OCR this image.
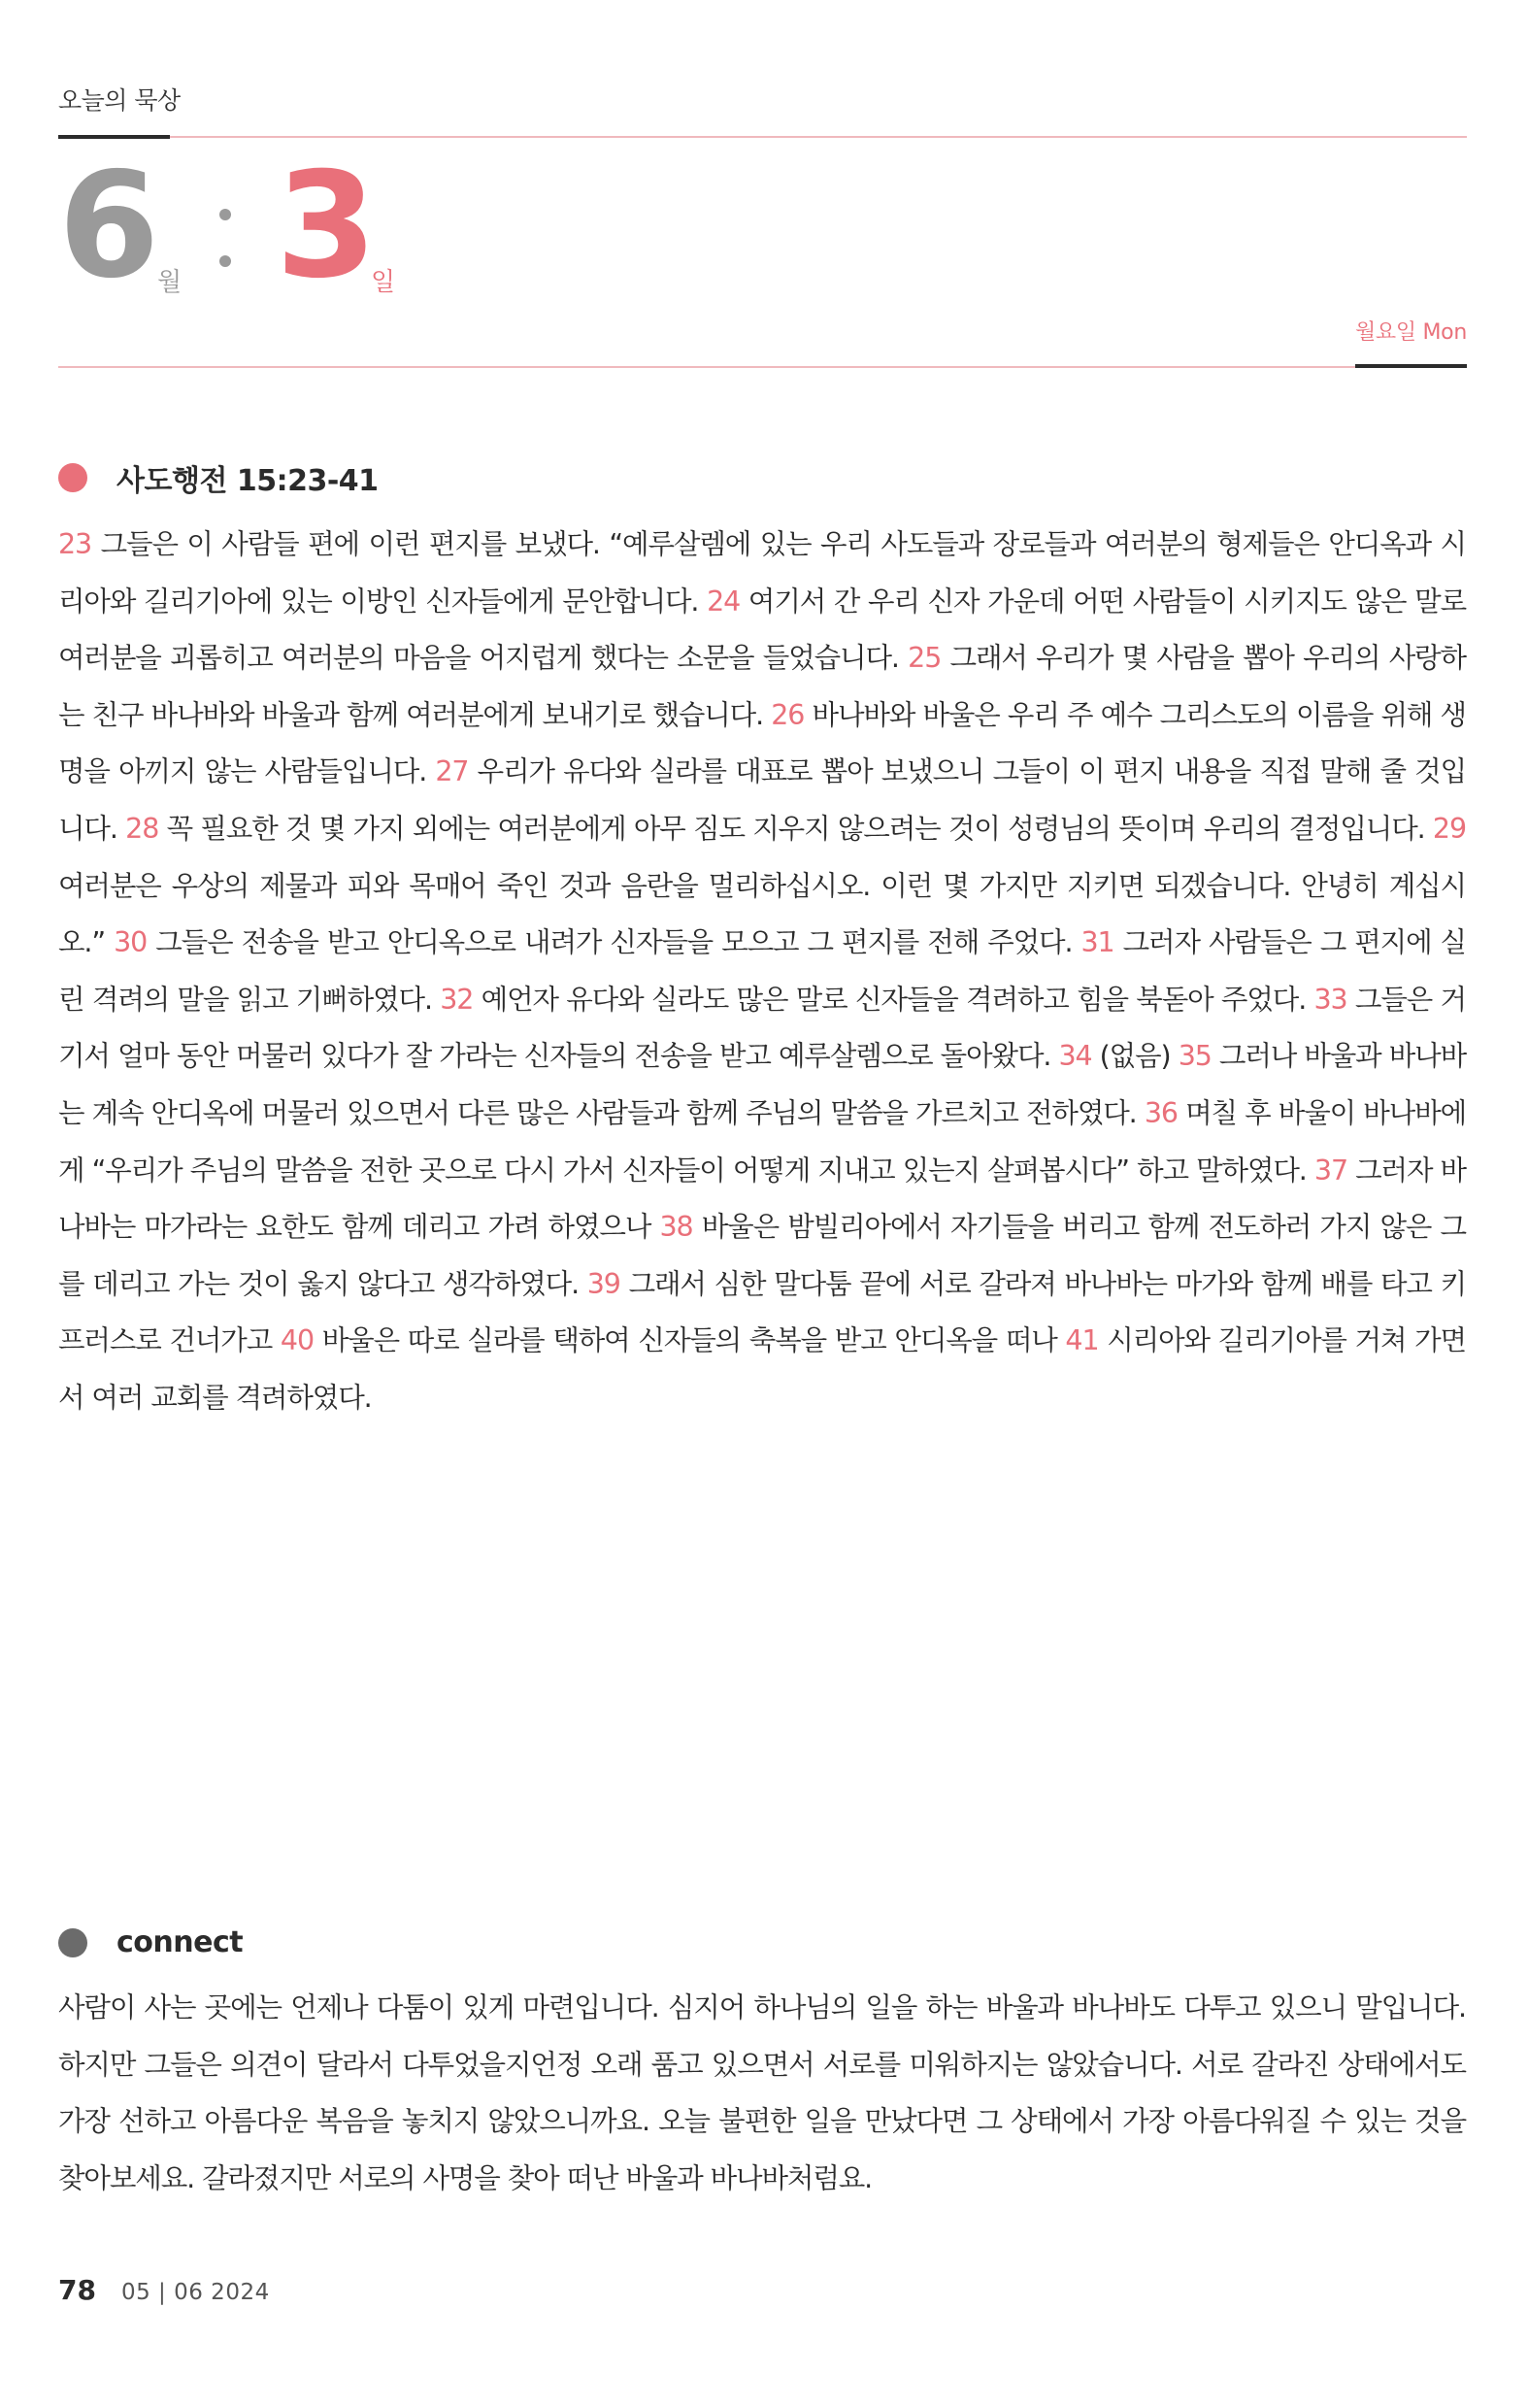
오늘의 묵상
6
월 3
일
월요일 Mon
사도행전 15:23-41
23 그들은 이 사람들 편에 이런 편지를 보냈다. “예루살렘에 있는 우리 사도들과 장로들과 여러분의 형제들은 안디옥과 시리아와 길리기아에 있는 이방인 신자들에게 문안합니다. 24 여기서 간 우리 신자 가운데 어떤 사람들이 시키지도 않은 말로 여러분을 괴롭히고 여러분의 마음을 어지럽게 했다는 소문을 들었습니다. 25 그래서 우리가 몇 사람을 뽑아 우리의 사랑하는 친구 바나바와 바울과 함께 여러분에게 보내기로 했습니다. 26 바나바와 바울은 우리 주 예수 그리스도의 이름을 위해 생명을 아끼지 않는 사람들입니다. 27 우리가 유다와 실라를 대표로 뽑아 보냈으니 그들이 이 편지 내용을 직접 말해 줄 것입니다. 28 꼭 필요한 것 몇 가지 외에는 여러분에게 아무 짐도 지우지 않으려는 것이 성령님의 뜻이며 우리의 결정입니다. 29 여러분은 우상의 제물과 피와 목매어 죽인 것과 음란을 멀리하십시오. 이런 몇 가지만 지키면 되겠습니다. 안녕히 계십시오.” 30 그들은 전송을 받고 안디옥으로 내려가 신자들을 모으고 그 편지를 전해 주었다. 31 그러자 사람들은 그 편지에 실린 격려의 말을 읽고 기뻐하였다. 32 예언자 유다와 실라도 많은 말로 신자들을 격려하고 힘을 북돋아 주었다. 33 그들은 거기서 얼마 동안 머물러 있다가 잘 가라는 신자들의 전송을 받고 예루살렘으로 돌아왔다. 34 (없음) 35 그러나 바울과 바나바는 계속 안디옥에 머물러 있으면서 다른 많은 사람들과 함께 주님의 말씀을 가르치고 전하였다. 36 며칠 후 바울이 바나바에게 “우리가 주님의 말씀을 전한 곳으로 다시 가서 신자들이 어떻게 지내고 있는지 살펴봅시다” 하고 말하였다. 37 그러자 바나바는 마가라는 요한도 함께 데리고 가려 하였으나 38 바울은 밤빌리아에서 자기들을 버리고 함께 전도하러 가지 않은 그를 데리고 가는 것이 옳지 않다고 생각하였다. 39 그래서 심한 말다툼 끝에 서로 갈라져 바나바는 마가와 함께 배를 타고 키프러스로 건너가고 40 바울은 따로 실라를 택하여 신자들의 축복을 받고 안디옥을 떠나 41 시리아와 길리기아를 거쳐 가면서 여러 교회를 격려하였다.
connect
사람이 사는 곳에는 언제나 다툼이 있게 마련입니다. 심지어 하나님의 일을 하는 바울과 바나바도 다투고 있으니 말입니다. 하지만 그들은 의견이 달라서 다투었을지언정 오래 품고 있으면서 서로를 미워하지는 않았습니다. 서로 갈라진 상태에서도 가장 선하고 아름다운 복음을 놓치지 않았으니까요. 오늘 불편한 일을 만났다면 그 상태에서 가장 아름다워질 수 있는 것을 찾아보세요. 갈라졌지만 서로의 사명을 찾아 떠난 바울과 바나바처럼요.
78 05 | 06 2024
